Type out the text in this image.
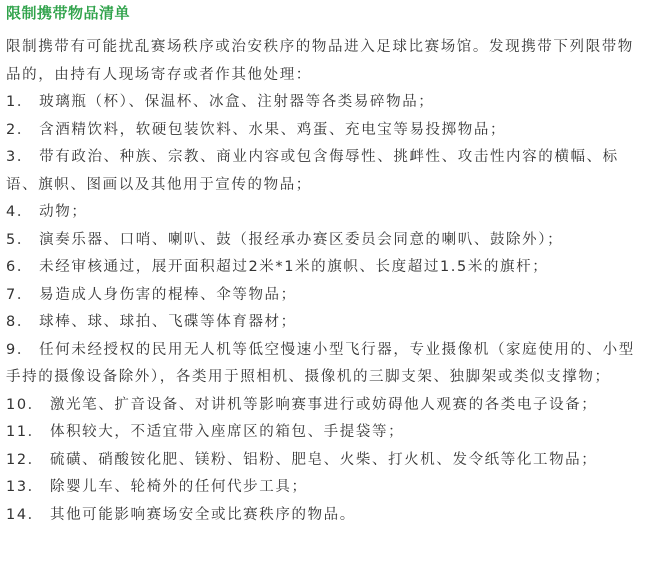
限制携带物品清单

限制携带有可能扰乱赛场秩序或治安秩序的物品进入足球比赛场馆。发现携带下列限带物品的，由持有人现场寄存或者作其他处理：

1． 玻璃瓶（杯）、保温杯、冰盒、注射器等各类易碎物品；
2． 含酒精饮料，软硬包装饮料、水果、鸡蛋、充电宝等易投掷物品；
3． 带有政治、种族、宗教、商业内容或包含侮辱性、挑衅性、攻击性内容的横幅、标语、旗帜、图画以及其他用于宣传的物品；
4． 动物；
5． 演奏乐器、口哨、喇叭、鼓（报经承办赛区委员会同意的喇叭、鼓除外）；
6． 未经审核通过，展开面积超过2米*1米的旗帜、长度超过1.5米的旗杆；
7． 易造成人身伤害的棍棒、伞等物品；
8． 球棒、球、球拍、飞碟等体育器材；
9． 任何未经授权的民用无人机等低空慢速小型飞行器，专业摄像机（家庭使用的、小型手持的摄像设备除外），各类用于照相机、摄像机的三脚支架、独脚架或类似支撑物；
10． 激光笔、扩音设备、对讲机等影响赛事进行或妨碍他人观赛的各类电子设备；
11． 体积较大，不适宜带入座席区的箱包、手提袋等；
12． 硫磺、硝酸铵化肥、镁粉、铝粉、肥皂、火柴、打火机、发令纸等化工物品；
13． 除婴儿车、轮椅外的任何代步工具；
14． 其他可能影响赛场安全或比赛秩序的物品。
